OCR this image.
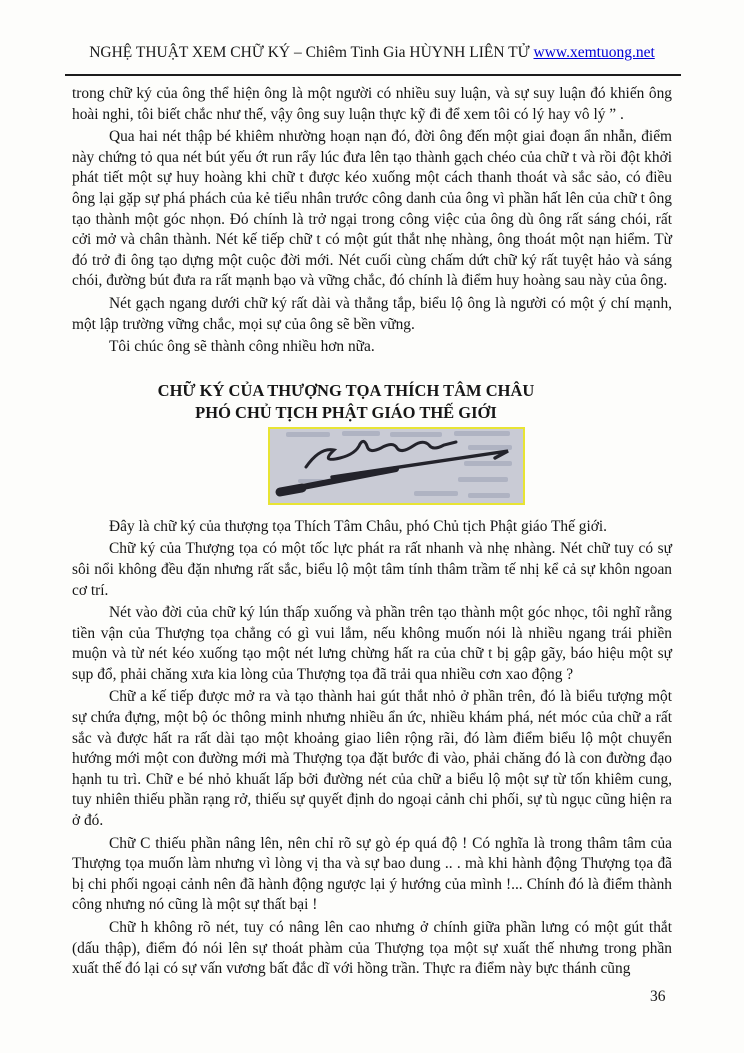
NGHỆ THUẬT XEM CHỮ KÝ – Chiêm Tinh Gia HÙYNH LIÊN TỬ www.xemtuong.net

trong chữ ký của ông thể hiện ông là một người có nhiều suy luận, và sự suy luận đó khiến ông hoài nghi, tôi biết chắc như thế, vậy ông suy luận thực kỹ đi để xem tôi có lý hay vô lý ” .

Qua hai nét thập bé khiêm nhường hoạn nạn đó, đời ông đến một giai đoạn ẩn nhẫn, điểm này chứng tỏ qua nét bút yếu ớt run rẩy lúc đưa lên tạo thành gạch chéo của chữ t và rồi đột khởi phát tiết một sự huy hoàng khi chữ t được kéo xuống một cách thanh thoát và sắc sảo, có điều ông lại gặp sự phá phách của kẻ tiểu nhân trước công danh của ông vì phần hất lên của chữ t ông tạo thành một góc nhọn. Đó chính là trở ngại trong công việc của ông dù ông rất sáng chói, rất cởi mở và chân thành. Nét kế tiếp chữ t có một gút thắt nhẹ nhàng, ông thoát một nạn hiểm. Từ đó trở đi ông tạo dựng một cuộc đời mới. Nét cuối cùng chấm dứt chữ ký rất tuyệt hảo và sáng chói, đường bút đưa ra rất mạnh bạo và vững chắc, đó chính là điểm huy hoàng sau này của ông.

Nét gạch ngang dưới chữ ký rất dài và thẳng tắp, biểu lộ ông là người có một ý chí mạnh, một lập trường vững chắc, mọi sự của ông sẽ bền vững.

Tôi chúc ông sẽ thành công nhiều hơn nữa.

CHỮ KÝ CỦA THƯỢNG TỌA THÍCH TÂM CHÂU
PHÓ CHỦ TỊCH PHẬT GIÁO THẾ GIỚI

Đây là chữ ký của thượng tọa Thích Tâm Châu, phó Chủ tịch Phật giáo Thế giới.

Chữ ký của Thượng tọa có một tốc lực phát ra rất nhanh và nhẹ nhàng. Nét chữ tuy có sự sôi nổi không đều đặn nhưng rất sắc, biểu lộ một tâm tính thâm trầm tế nhị kể cả sự khôn ngoan cơ trí.

Nét vào đời của chữ ký lún thấp xuống và phần trên tạo thành một góc nhọc, tôi nghĩ rằng tiền vận của Thượng tọa chẳng có gì vui lắm, nếu không muốn nói là nhiều ngang trái phiền muộn và từ nét kéo xuống tạo một nét lưng chừng hất ra của chữ t bị gập gãy, báo hiệu một sự sụp đổ, phải chăng xưa kia lòng của Thượng tọa đã trải qua nhiều cơn xao động ?

Chữ a kế tiếp được mở ra và tạo thành hai gút thắt nhỏ ở phần trên, đó là biểu tượng một sự chứa đựng, một bộ óc thông minh nhưng nhiều ẩn ức, nhiều khám phá, nét móc của chữ a rất sắc và được hất ra rất dài tạo một khoảng giao liên rộng rãi, đó làm điểm biểu lộ một chuyển hướng mới một con đường mới mà Thượng tọa đặt bước đi vào, phải chăng đó là con đường đạo hạnh tu trì. Chữ e bé nhỏ khuất lấp bởi đường nét của chữ a biểu lộ một sự từ tốn khiêm cung, tuy nhiên thiếu phần rạng rở, thiếu sự quyết định do ngoại cảnh chi phối, sự tù ngục cũng hiện ra ở đó.

Chữ C thiếu phần nâng lên, nên chỉ rõ sự gò ép quá độ ! Có nghĩa là trong thâm tâm của Thượng tọa muốn làm nhưng vì lòng vị tha và sự bao dung .. . mà khi hành động Thượng tọa đã bị chi phối ngoại cảnh nên đã hành động ngược lại ý hướng của mình !... Chính đó là điểm thành công nhưng nó cũng là một sự thất bại !

Chữ h không rõ nét, tuy có nâng lên cao nhưng ở chính giữa phần lưng có một gút thắt (dấu thập), điểm đó nói lên sự thoát phàm của Thượng tọa một sự xuất thế nhưng trong phần xuất thế đó lại có sự vấn vương bất đắc dĩ với hồng trần. Thực ra điểm này bực thánh cũng

36
